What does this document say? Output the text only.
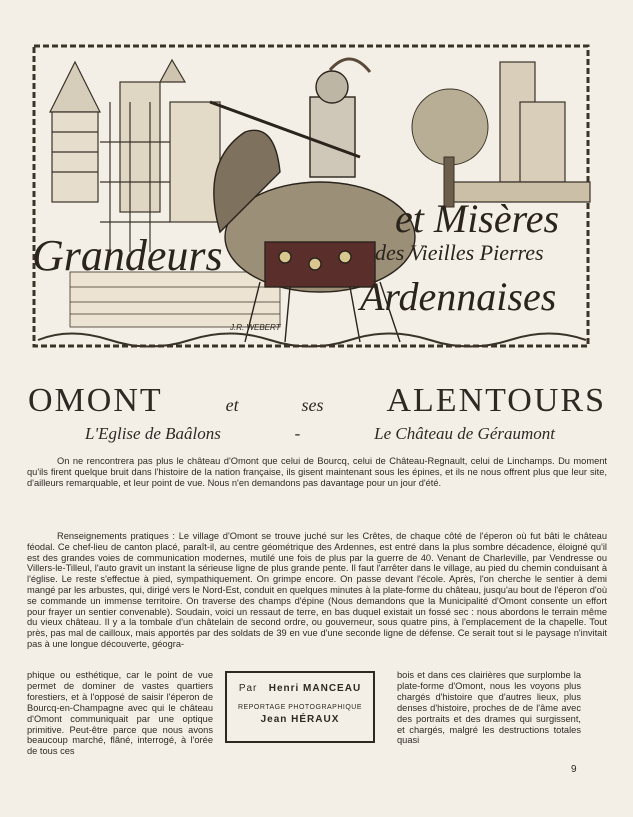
et Misères
Grandeurs	des Vieilles Pierres
Ardennaises
J.R. WEBERT
OMONT	et	ses ALENTOURS
L'Eglise de Baâlons	-	Le Château de Géraumont
On ne rencontrera pas plus le château d'Omont que celui de Bourcq, celui de Château-Regnault, celui de Linchamps. Du moment qu'ils firent quelque bruit dans l'histoire de la nation française, ils gisent maintenant sous les épines, et ils ne nous offrent plus que leur site, d'ailleurs remarquable, et leur point de vue. Nous n'en demandons pas davantage pour un jour d'été.
Renseignements pratiques : Le village d'Omont se trouve juché sur les Crêtes, de chaque côté de l'éperon où fut bâti le château féodal. Ce chef-lieu de canton placé, paraît-il, au centre géométrique des Ardennes, est entré dans la plus sombre décadence, éloigné qu'il est des grandes voies de communication modernes, mutilé une fois de plus par la guerre de 40. Venant de Charleville, par Vendresse ou Villers-le-Tilleul, l'auto gravit un instant la sérieuse ligne de plus grande pente. Il faut l'arrêter dans le village, au pied du chemin conduisant à l'église. Le reste s'effectue à pied, sympathiquement. On grimpe encore. On passe devant l'école. Après, l'on cherche le sentier à demi mangé par les arbustes, qui, dirigé vers le Nord-Est, conduit en quelques minutes à la plate-forme du château, jusqu'au bout de l'éperon d'où se commande un immense territoire. On traverse des champs d'épine (Nous demandons que la Municipalité d'Omont consente un effort pour frayer un sentier convenable). Soudain, voici un ressaut de terre, en bas duquel existait un fossé sec : nous abordons le terrain même du vieux château. Il y a la tombale d'un châtelain de second ordre, ou gouverneur, sous quatre pins, à l'emplacement de la chapelle. Tout près, pas mal de cailloux, mais apportés par des soldats de 39 en vue d'une seconde ligne de défense. Ce serait tout si le paysage n'invitait pas à une longue découverte, géogra-
phique ou esthétique, car le point de vue permet de dominer de vastes quartiers forestiers, et à l'opposé de saisir l'éperon de Bourcq-en-Champagne avec qui le château d'Omont communiquait par une optique primitive. Peut-être parce que nous avons beaucoup marché, flâné, interrogé, à l'orée de tous ces
Par Henri MANCEAU
REPORTAGE PHOTOGRAPHIQUE
Jean HÉRAUX
bois et dans ces clairières que surplombe la plate-forme d'Omont, nous les voyons plus chargés d'histoire que d'autres lieux, plus denses d'histoire, proches de de l'âme avec des portraits et des drames qui surgissent, et chargés, malgré les destructions totales quasi
9
